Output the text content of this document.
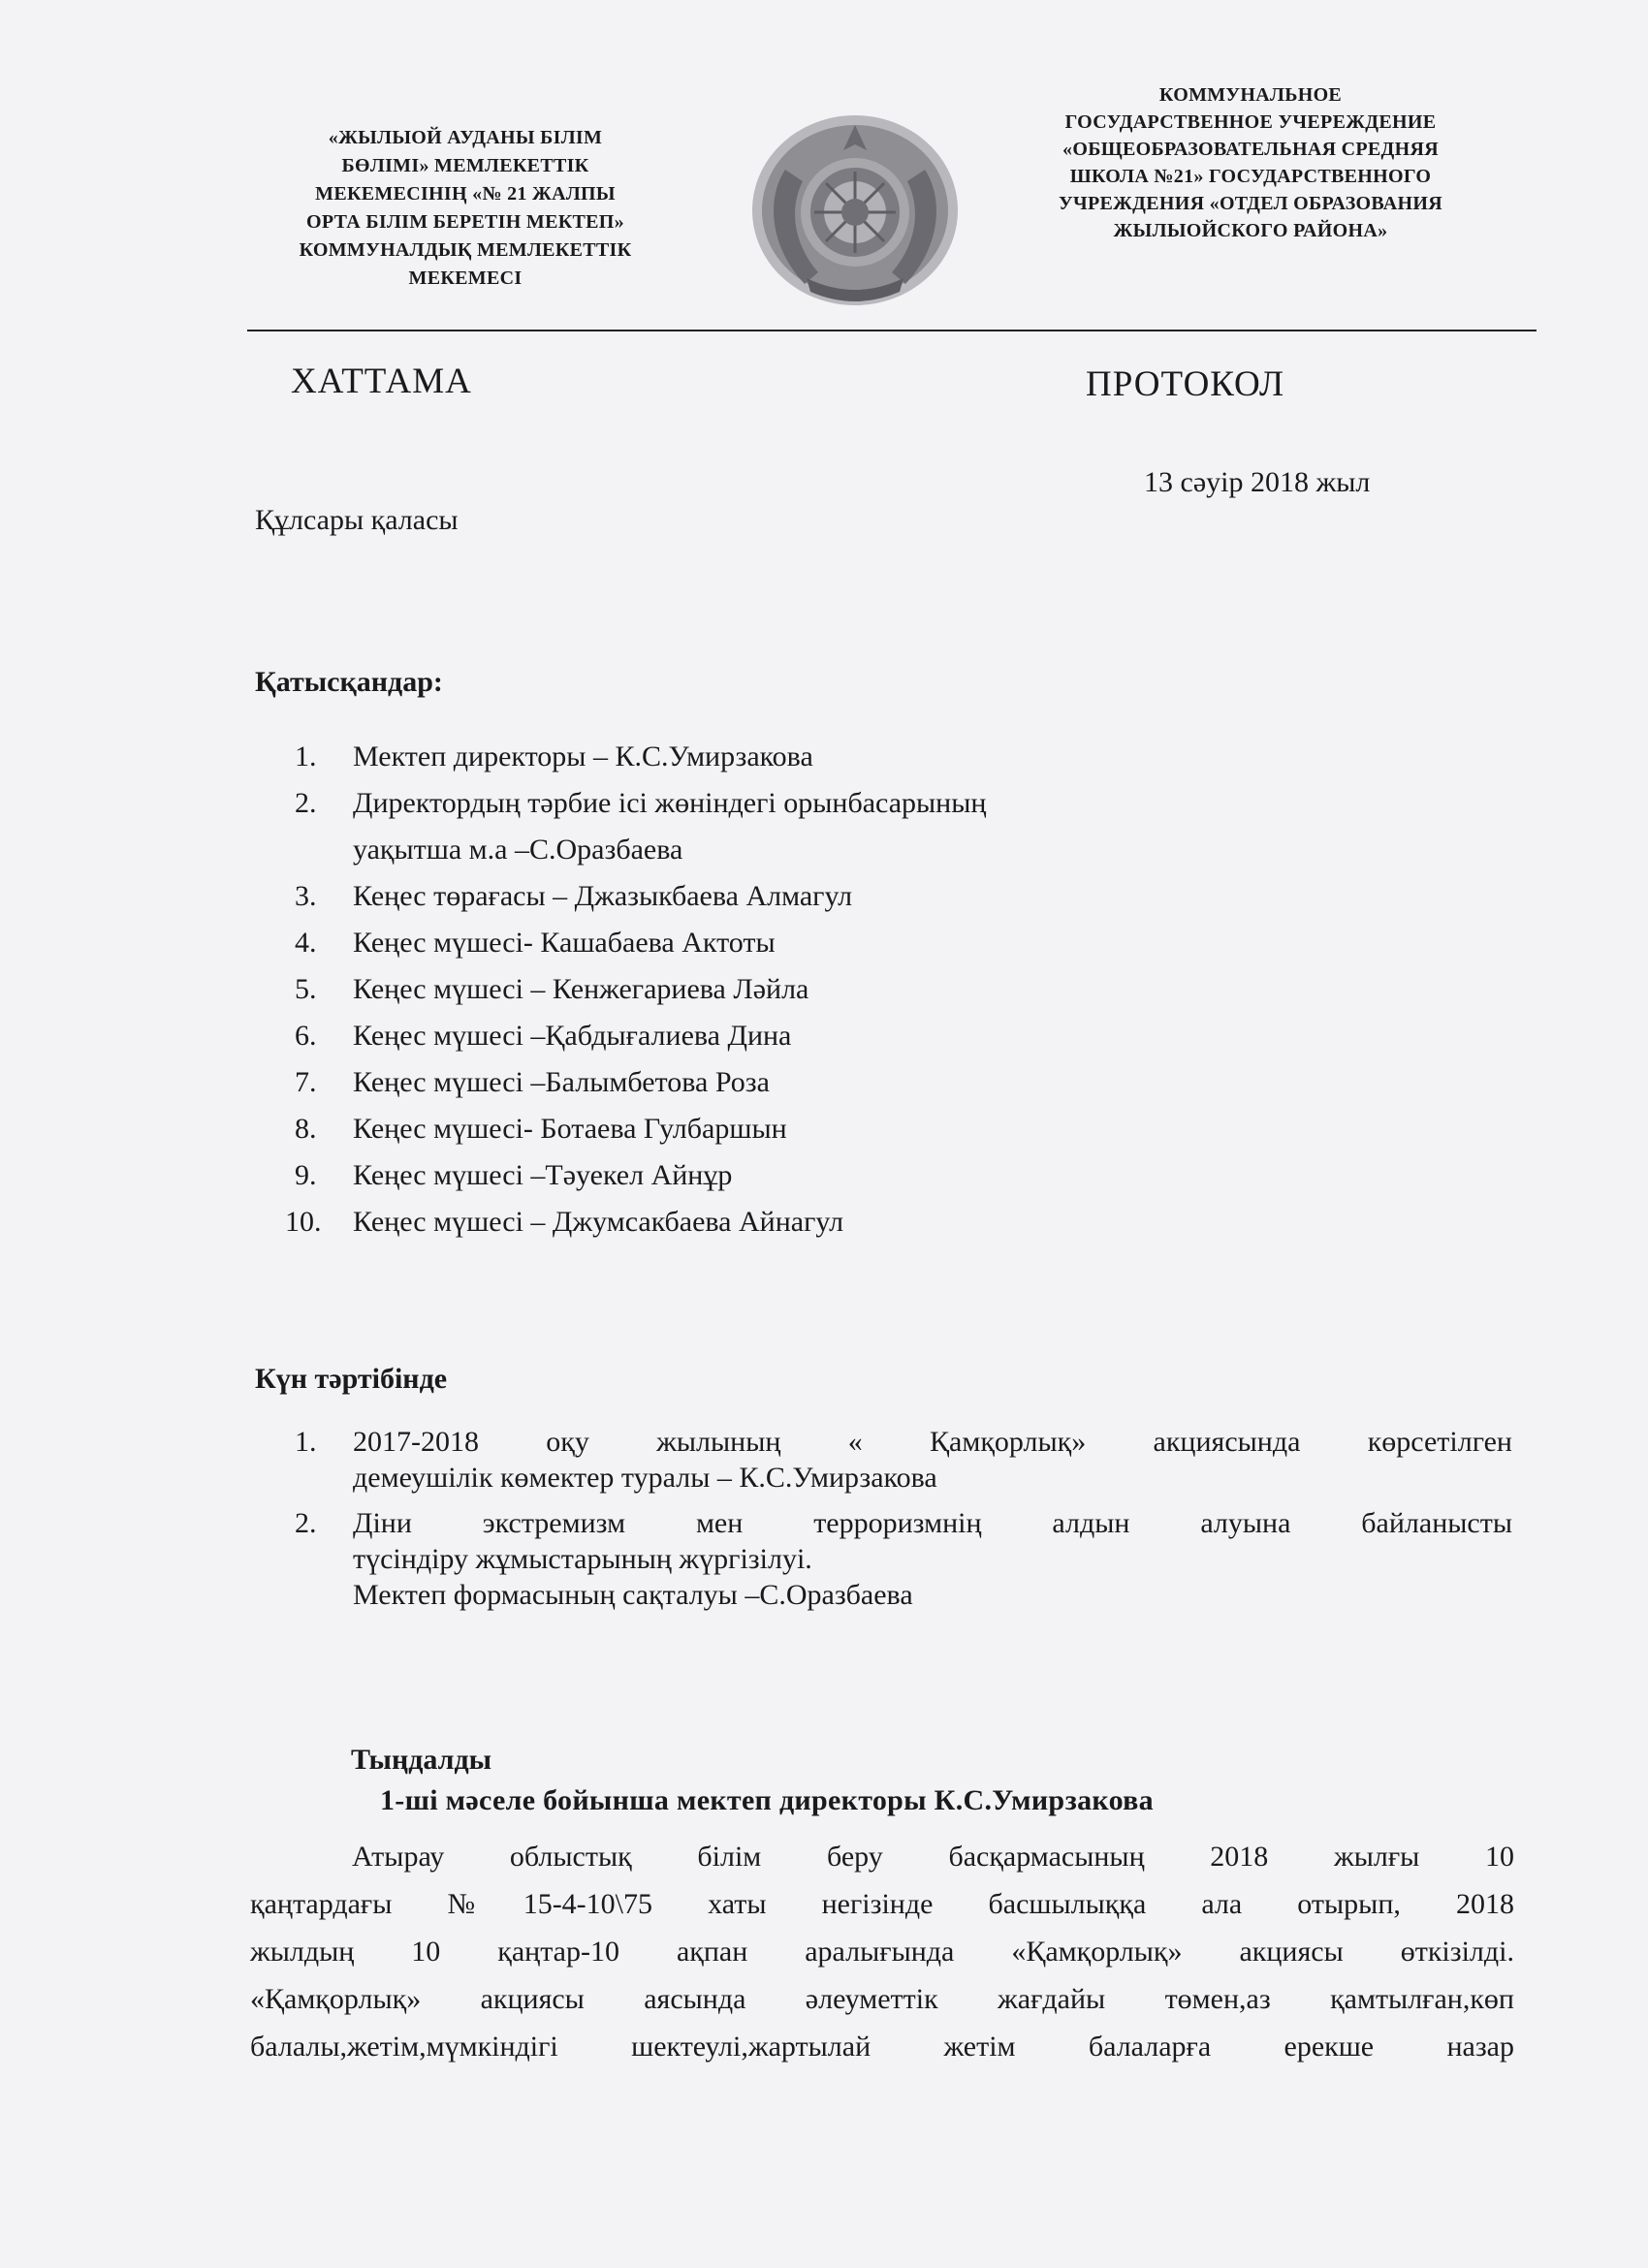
«ЖЫЛЫОЙ АУДАНЫ БІЛІМ
БӨЛІМІ» МЕМЛЕКЕТТІК
МЕКЕМЕСІНІҢ «№ 21 ЖАЛПЫ
ОРТА БІЛІМ БЕРЕТІН МЕКТЕП»
КОММУНАЛДЫҚ МЕМЛЕКЕТТІК
МЕКЕМЕСІ
КОММУНАЛЬНОЕ
ГОСУДАРСТВЕННОЕ УЧЕРЕЖДЕНИЕ
«ОБЩЕОБРАЗОВАТЕЛЬНАЯ СРЕДНЯЯ
ШКОЛА №21» ГОСУДАРСТВЕННОГО
УЧРЕЖДЕНИЯ «ОТДЕЛ ОБРАЗОВАНИЯ
ЖЫЛЫОЙСКОГО РАЙОНА»
ХАТТАМА	ПРОТОКОЛ
13 сәуір 2018 жыл
Құлсары қаласы
Қатысқандар:
1. Мектеп директоры – К.С.Умирзакова
2. Директордың тәрбие ісі жөніндегі орынбасарының
уақытша м.а –С.Оразбаева
3. Кеңес төрағасы – Джазыкбаева Алмагул
4. Кеңес мүшесі- Кашабаева Актоты
5. Кеңес мүшесі – Кенжегариева Ләйла
6. Кеңес мүшесі –Қабдығалиева Дина
7. Кеңес мүшесі –Балымбетова Роза
8. Кеңес мүшесі- Ботаева Гулбаршын
9. Кеңес мүшесі –Тәуекел Айнұр
10. Кеңес мүшесі – Джумсакбаева Айнагул
Күн тәртібінде
1. 2017-2018 оқу жылының « Қамқорлық» акциясында көрсетілген
демеушілік көмектер туралы – К.С.Умирзакова
2. Діни экстремизм мен терроризмнің алдын алуына байланысты
түсіндіру жұмыстарының жүргізілуі.
Мектеп формасының сақталуы –С.Оразбаева
Тыңдалды
1-ші мәселе бойынша мектеп директоры К.С.Умирзакова
Атырау облыстық білім беру басқармасының 2018 жылғы 10
қаңтардағы №15-4-10\75 хаты негізінде басшылыққа ала отырып, 2018
жылдың 10 қаңтар-10 ақпан аралығында «Қамқорлық» акциясы өткізілді.
«Қамқорлық» акциясы аясында әлеуметтік жағдайы төмен,аз қамтылған,көп
балалы,жетім,мүмкіндігі шектеулі,жартылай жетім балаларға ерекше назар
